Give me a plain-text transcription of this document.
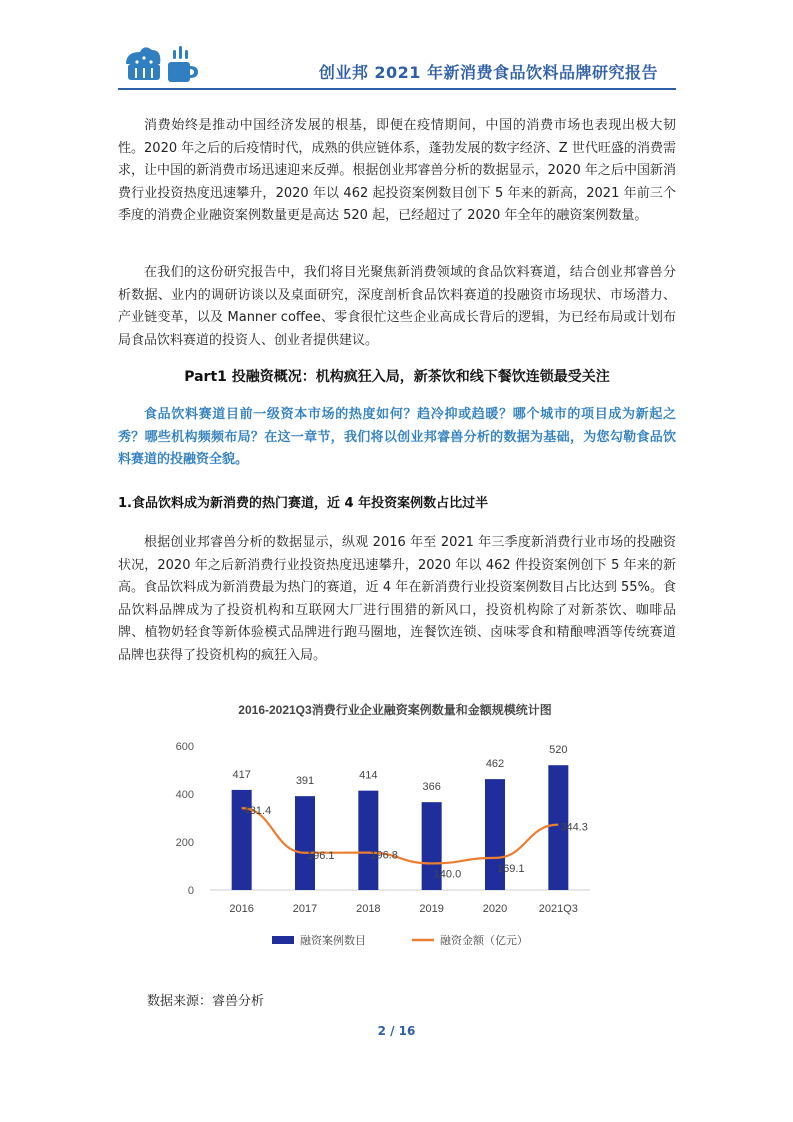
创业邦 2021 年新消费食品饮料品牌研究报告

消费始终是推动中国经济发展的根基，即便在疫情期间，中国的消费市场也表现出极大韧性。2020 年之后的后疫情时代，成熟的供应链体系，蓬勃发展的数字经济、Z 世代旺盛的消费需求，让中国的新消费市场迅速迎来反弹。根据创业邦睿兽分析的数据显示，2020 年之后中国新消费行业投资热度迅速攀升，2020 年以 462 起投资案例数目创下 5 年来的新高，2021 年前三个季度的消费企业融资案例数量更是高达 520 起，已经超过了 2020 年全年的融资案例数量。

在我们的这份研究报告中，我们将目光聚焦新消费领域的食品饮料赛道，结合创业邦睿兽分析数据、业内的调研访谈以及桌面研究，深度剖析食品饮料赛道的投融资市场现状、市场潜力、产业链变革，以及 Manner coffee、零食很忙这些企业高成长背后的逻辑，为已经布局或计划布局食品饮料赛道的投资人、创业者提供建议。

Part1 投融资概况：机构疯狂入局，新茶饮和线下餐饮连锁最受关注

食品饮料赛道目前一级资本市场的热度如何？趋冷抑或趋暖？哪个城市的项目成为新起之秀？哪些机构频频布局？在这一章节，我们将以创业邦睿兽分析的数据为基础，为您勾勒食品饮料赛道的投融资全貌。

1.食品饮料成为新消费的热门赛道，近 4 年投资案例数占比过半

根据创业邦睿兽分析的数据显示，纵观 2016 年至 2021 年三季度新消费行业市场的投融资状况，2020 年之后新消费行业投资热度迅速攀升，2020 年以 462 件投资案例创下 5 年来的新高。食品饮料成为新消费最为热门的赛道，近 4 年在新消费行业投资案例数目占比达到 55%。食品饮料品牌成为了投资机构和互联网大厂进行围猎的新风口，投资机构除了对新茶饮、咖啡品牌、植物奶轻食等新体验模式品牌进行跑马圈地，连餐饮连锁、卤味零食和精酿啤酒等传统赛道品牌也获得了投资机构的疯狂入局。

2016-2021Q3消费行业企业融资案例数量和金额规模统计图
600
400
200
0
417
391	414
366
462
520
431.4
196.1	196.8
140.0	169.1
344.3
2016	2017	2018	2019	2020	2021Q3
融资案例数目	融资金额（亿元）
数据来源：睿兽分析
2 / 16
